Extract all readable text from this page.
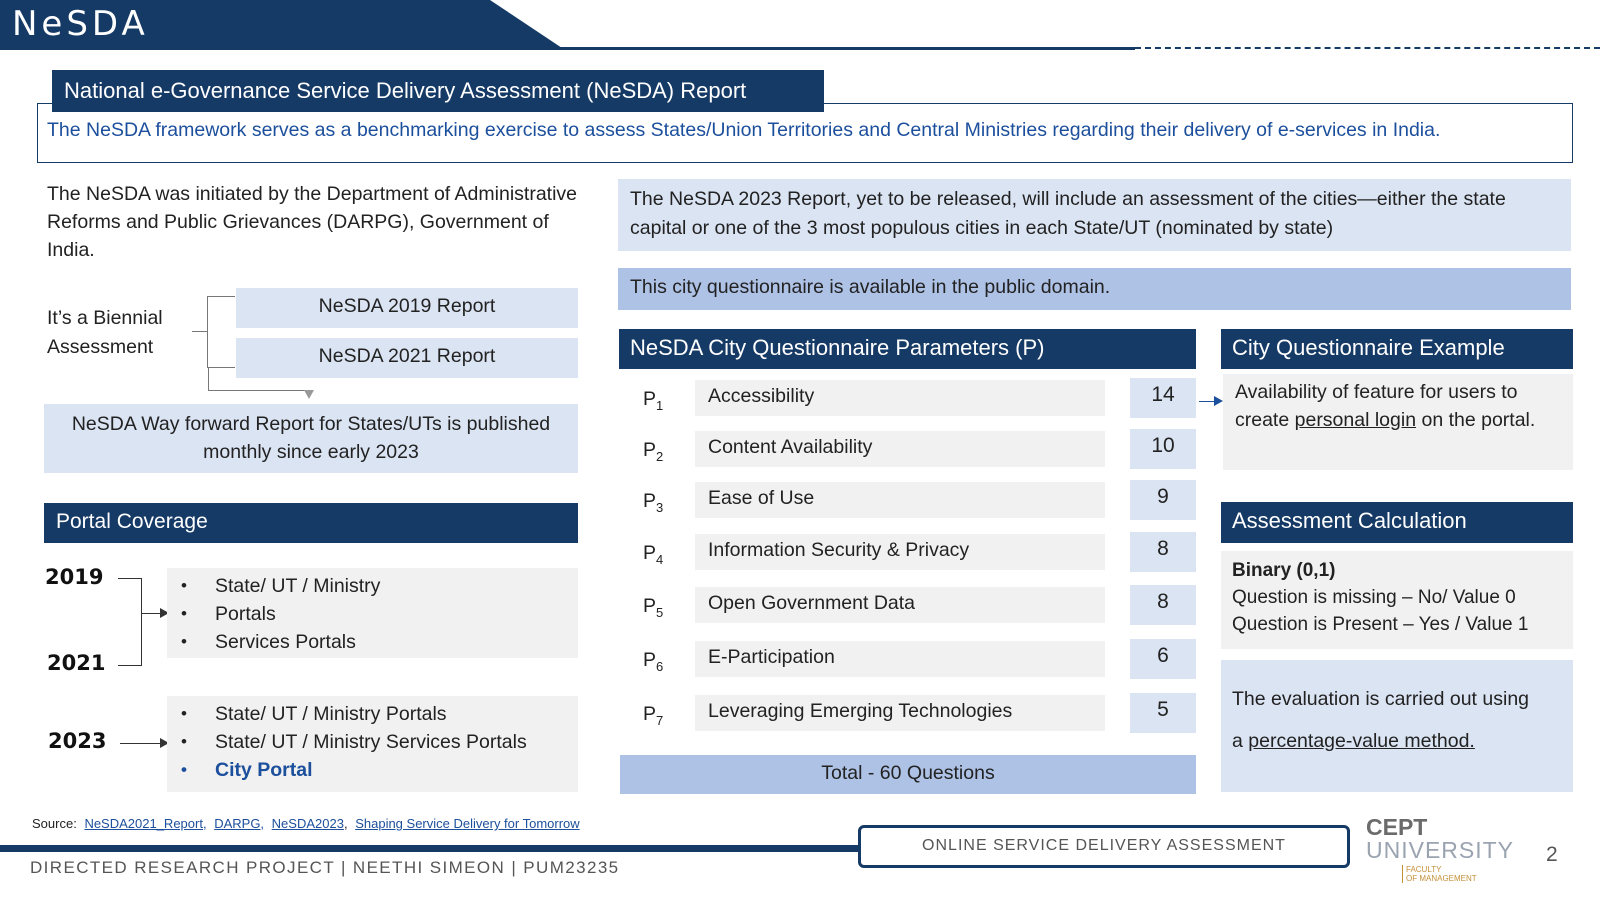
NeSDA
National e-Governance Service Delivery Assessment (NeSDA) Report
The NeSDA framework serves as a benchmarking exercise to assess States/Union Territories and Central Ministries regarding their delivery of e-services in India.
The NeSDA was initiated by the Department of Administrative Reforms and Public Grievances (DARPG), Government of India.
It’s a Biennial Assessment
NeSDA 2019 Report
NeSDA 2021 Report
NeSDA Way forward Report for States/UTs is published monthly since early 2023
Portal Coverage
2019
2021
2023
• State/ UT / Ministry
• Portals
• Services Portals
• State/ UT / Ministry Portals
• State/ UT / Ministry Services Portals
• City Portal
The NeSDA 2023 Report, yet to be released, will include an assessment of the cities—either the state capital or one of the 3 most populous cities in each State/UT (nominated by state)
This city questionnaire is available in the public domain.
NeSDA City Questionnaire Parameters (P)
$P_1$	Accessibility	14
$P_2$	Content Availability	10
$P_3$	Ease of Use	9
$P_4$	Information Security & Privacy	8
$P_5$	Open Government Data	8
$P_6$	E-Participation	6
$P_7$	Leveraging Emerging Technologies	5
Total - 60 Questions
City Questionnaire Example
Availability of feature for users to create personal login on the portal.
Assessment Calculation
Binary (0,1)
Question is missing – No/ Value 0
Question is Present – Yes / Value 1
The evaluation is carried out using
a percentage-value method.
Source: NeSDA2021_Report, DARPG, NeSDA2023, Shaping Service Delivery for Tomorrow
DIRECTED RESEARCH PROJECT | NEETHI SIMEON | PUM23235
ONLINE SERVICE DELIVERY ASSESSMENT
CEPT
UNIVERSITY
FACULTY
OF MANAGEMENT
2
